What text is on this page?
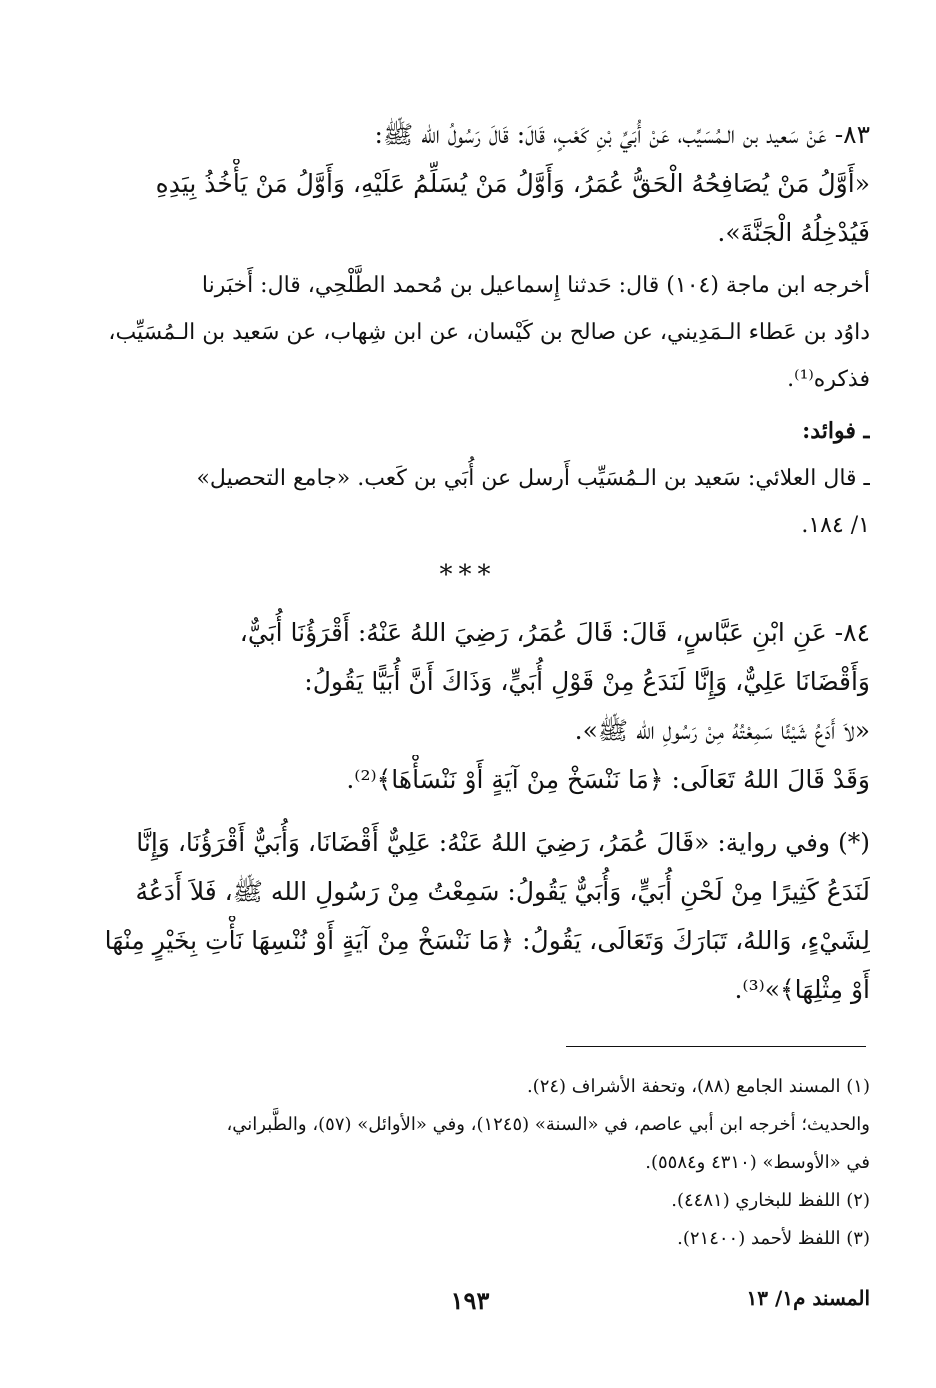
٨٣- عَنْ سَعيد بن الـمُسَيِّب، عَنْ أُبَيِّ بْنِ كَعْبٍ، قَالَ: قَالَ رَسُولُ الله ﷺ:
«أَوَّلُ مَنْ يُصَافِحُهُ الْحَقُّ عُمَرُ، وَأَوَّلُ مَنْ يُسَلِّمُ عَلَيْهِ، وَأَوَّلُ مَنْ يَأْخُذُ بِيَدِهِ
فَيُدْخِلُهُ الْجَنَّةَ».

أخرجه ابن ماجة (١٠٤) قال: حَدثنا إِسماعيل بن مُحمد الطَّلْحِي، قال: أَخبَرنا
داوُد بن عَطاء الـمَدِيني، عن صالح بن كَيْسان، عن ابن شِهاب، عن سَعيد بن الـمُسَيِّب،
فذكره⁽¹⁾.

ـ فوائد:
ـ قال العلائي: سَعيد بن الـمُسَيِّب أَرسل عن أُبَي بن كَعب. «جامع التحصيل»
١/ ١٨٤.

***

٨٤- عَنِ ابْنِ عَبَّاسٍ، قَالَ: قَالَ عُمَرُ، رَضِيَ اللهُ عَنْهُ: أَقْرَؤُنَا أُبَيٌّ،
وَأَقْضَانَا عَلِيٌّ، وَإِنَّا لَنَدَعُ مِنْ قَوْلِ أُبَيٍّ، وَذَاكَ أَنَّ أُبَيًّا يَقُولُ:
«لاَ أَدَعُ شَيْئًا سَمِعْتُهُ مِنْ رَسُولِ الله ﷺ».
وَقَدْ قَالَ اللهُ تَعَالَى: ﴿مَا نَنْسَخْ مِنْ آيَةٍ أَوْ نَنْسَأْهَا﴾⁽²⁾.

(*) وفي رواية: «قَالَ عُمَرُ، رَضِيَ اللهُ عَنْهُ: عَلِيٌّ أَقْضَانَا، وَأُبَيٌّ أَقْرَؤُنَا، وَإِنَّا
لَنَدَعُ كَثِيرًا مِنْ لَحْنِ أُبَيٍّ، وَأُبَيٌّ يَقُولُ: سَمِعْتُ مِنْ رَسُولِ الله ﷺ، فَلاَ أَدَعُهُ
لِشَيْءٍ، وَاللهُ، تَبَارَكَ وَتَعَالَى، يَقُولُ: ﴿مَا نَنْسَخْ مِنْ آيَةٍ أَوْ نُنْسِهَا نَأْتِ بِخَيْرٍ مِنْهَا
أَوْ مِثْلِهَا﴾»⁽³⁾.

(١) المسند الجامع (٨٨)، وتحفة الأشراف (٢٤).
والحديث؛ أخرجه ابن أبي عاصم، في «السنة» (١٢٤٥)، وفي «الأوائل» (٥٧)، والطَّبراني،
في «الأوسط» (٤٣١٠ و٥٥٨٤).
(٢) اللفظ للبخاري (٤٤٨١).
(٣) اللفظ لأحمد (٢١٤٠٠).

١٩٣	المسند م١/ ١٣
